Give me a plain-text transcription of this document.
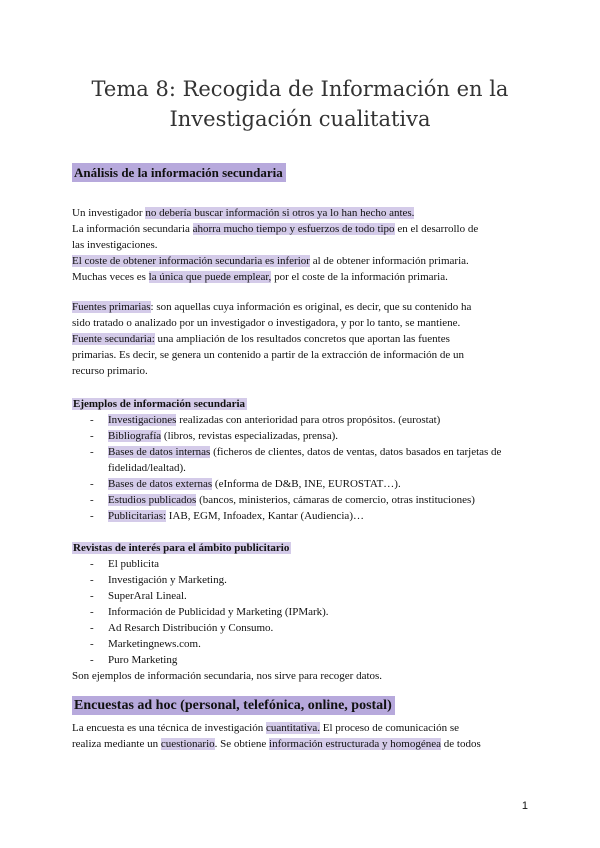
Tema 8: Recogida de Información en la
Investigación cualitativa
Análisis de la información secundaria

Un investigador no debería buscar información si otros ya lo han hecho antes.

La información secundaria ahorra mucho tiempo y esfuerzos de todo tipo en el desarrollo de

las investigaciones.

El coste de obtener información secundaria es inferior al de obtener información primaria.

Muchas veces es la única que puede emplear, por el coste de la información primaria.

Fuentes primarias: son aquellas cuya información es original, es decir, que su contenido ha

sido tratado o analizado por un investigador o investigadora, y por lo tanto, se mantiene.

Fuente secundaria: una ampliación de los resultados concretos que aportan las fuentes

primarias. Es decir, se genera un contenido a partir de la extracción de información de un

recurso primario.

Ejemplos de información secundaria
- Investigaciones realizadas con anterioridad para otros propósitos. (eurostat)
- Bibliografía (libros, revistas especializadas, prensa).
- Bases de datos internas (ficheros de clientes, datos de ventas, datos basados en tarjetas de fidelidad/lealtad).
- Bases de datos externas (eInforma de D&B, INE, EUROSTAT…).
- Estudios publicados (bancos, ministerios, cámaras de comercio, otras instituciones)
- Publicitarias: IAB, EGM, Infoadex, Kantar (Audiencia)…
Revistas de interés para el ámbito publicitario
- El publicita
- Investigación y Marketing.
- SuperAral Lineal.
- Información de Publicidad y Marketing (IPMark).
- Ad Resarch Distribución y Consumo.
- Marketingnews.com.
- Puro Marketing

Son ejemplos de información secundaria, nos sirve para recoger datos.

Encuestas ad hoc (personal, telefónica, online, postal)

La encuesta es una técnica de investigación cuantitativa. El proceso de comunicación se

realiza mediante un cuestionario. Se obtiene información estructurada y homogénea de todos

1
